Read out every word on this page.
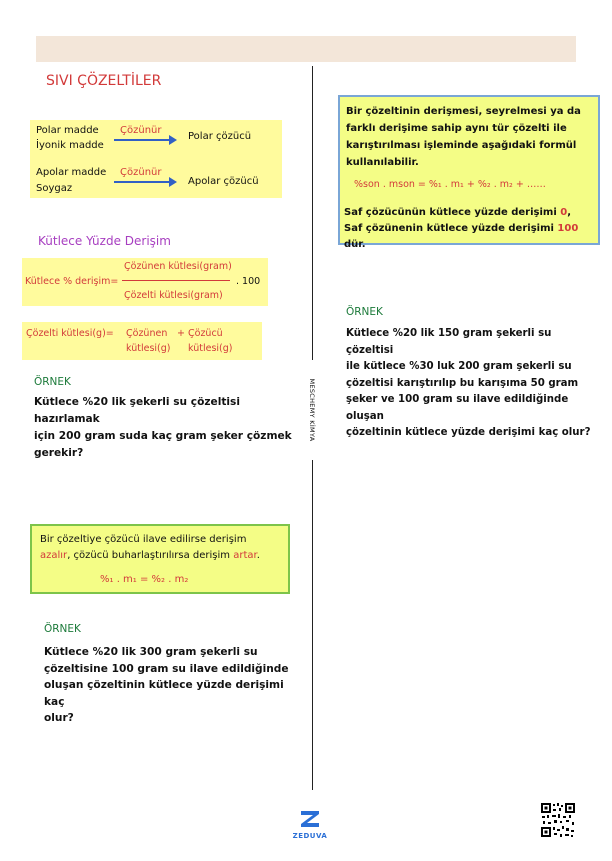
MESCHEMY KİMYA
SIVI ÇÖZELTİLER
Polar madde
İyonik madde
Çözünür
Polar çözücü
Apolar madde
Soygaz
Çözünür
Apolar çözücü
Kütlece Yüzde Derişim
Kütlece % derişim=
Çözünen kütlesi(gram)
Çözelti kütlesi(gram)
. 100
Çözelti kütlesi(g)= Çözünen
kütlesi(g)
+ Çözücü
kütlesi(g)
ÖRNEK
Kütlece %20 lik şekerli su çözeltisi hazırlamak
için 200 gram suda kaç gram şeker çözmek
gerekir?
Bir çözeltiye çözücü ilave edilirse derişim
azalır, çözücü buharlaştırılırsa derişim artar.
%₁ . m₁ = %₂ . m₂
ÖRNEK
Kütlece %20 lik 300 gram şekerli su
çözeltisine 100 gram su ilave edildiğinde
oluşan çözeltinin kütlece yüzde derişimi kaç
olur?
Bir çözeltinin derişmesi, seyrelmesi ya da
farklı derişime sahip aynı tür çözelti ile
karıştırılması işleminde aşağıdaki formül
kullanılabilir.
%son . mson = %₁ . m₁ + %₂ . m₂ + ……
Saf çözücünün kütlece yüzde derişimi 0,
Saf çözünenin kütlece yüzde derişimi 100 dür.
ÖRNEK
Kütlece %20 lik 150 gram şekerli su çözeltisi
ile kütlece %30 luk 200 gram şekerli su
çözeltisi karıştırılıp bu karışıma 50 gram
şeker ve 100 gram su ilave edildiğinde oluşan
çözeltinin kütlece yüzde derişimi kaç olur?
ZEDUVA
